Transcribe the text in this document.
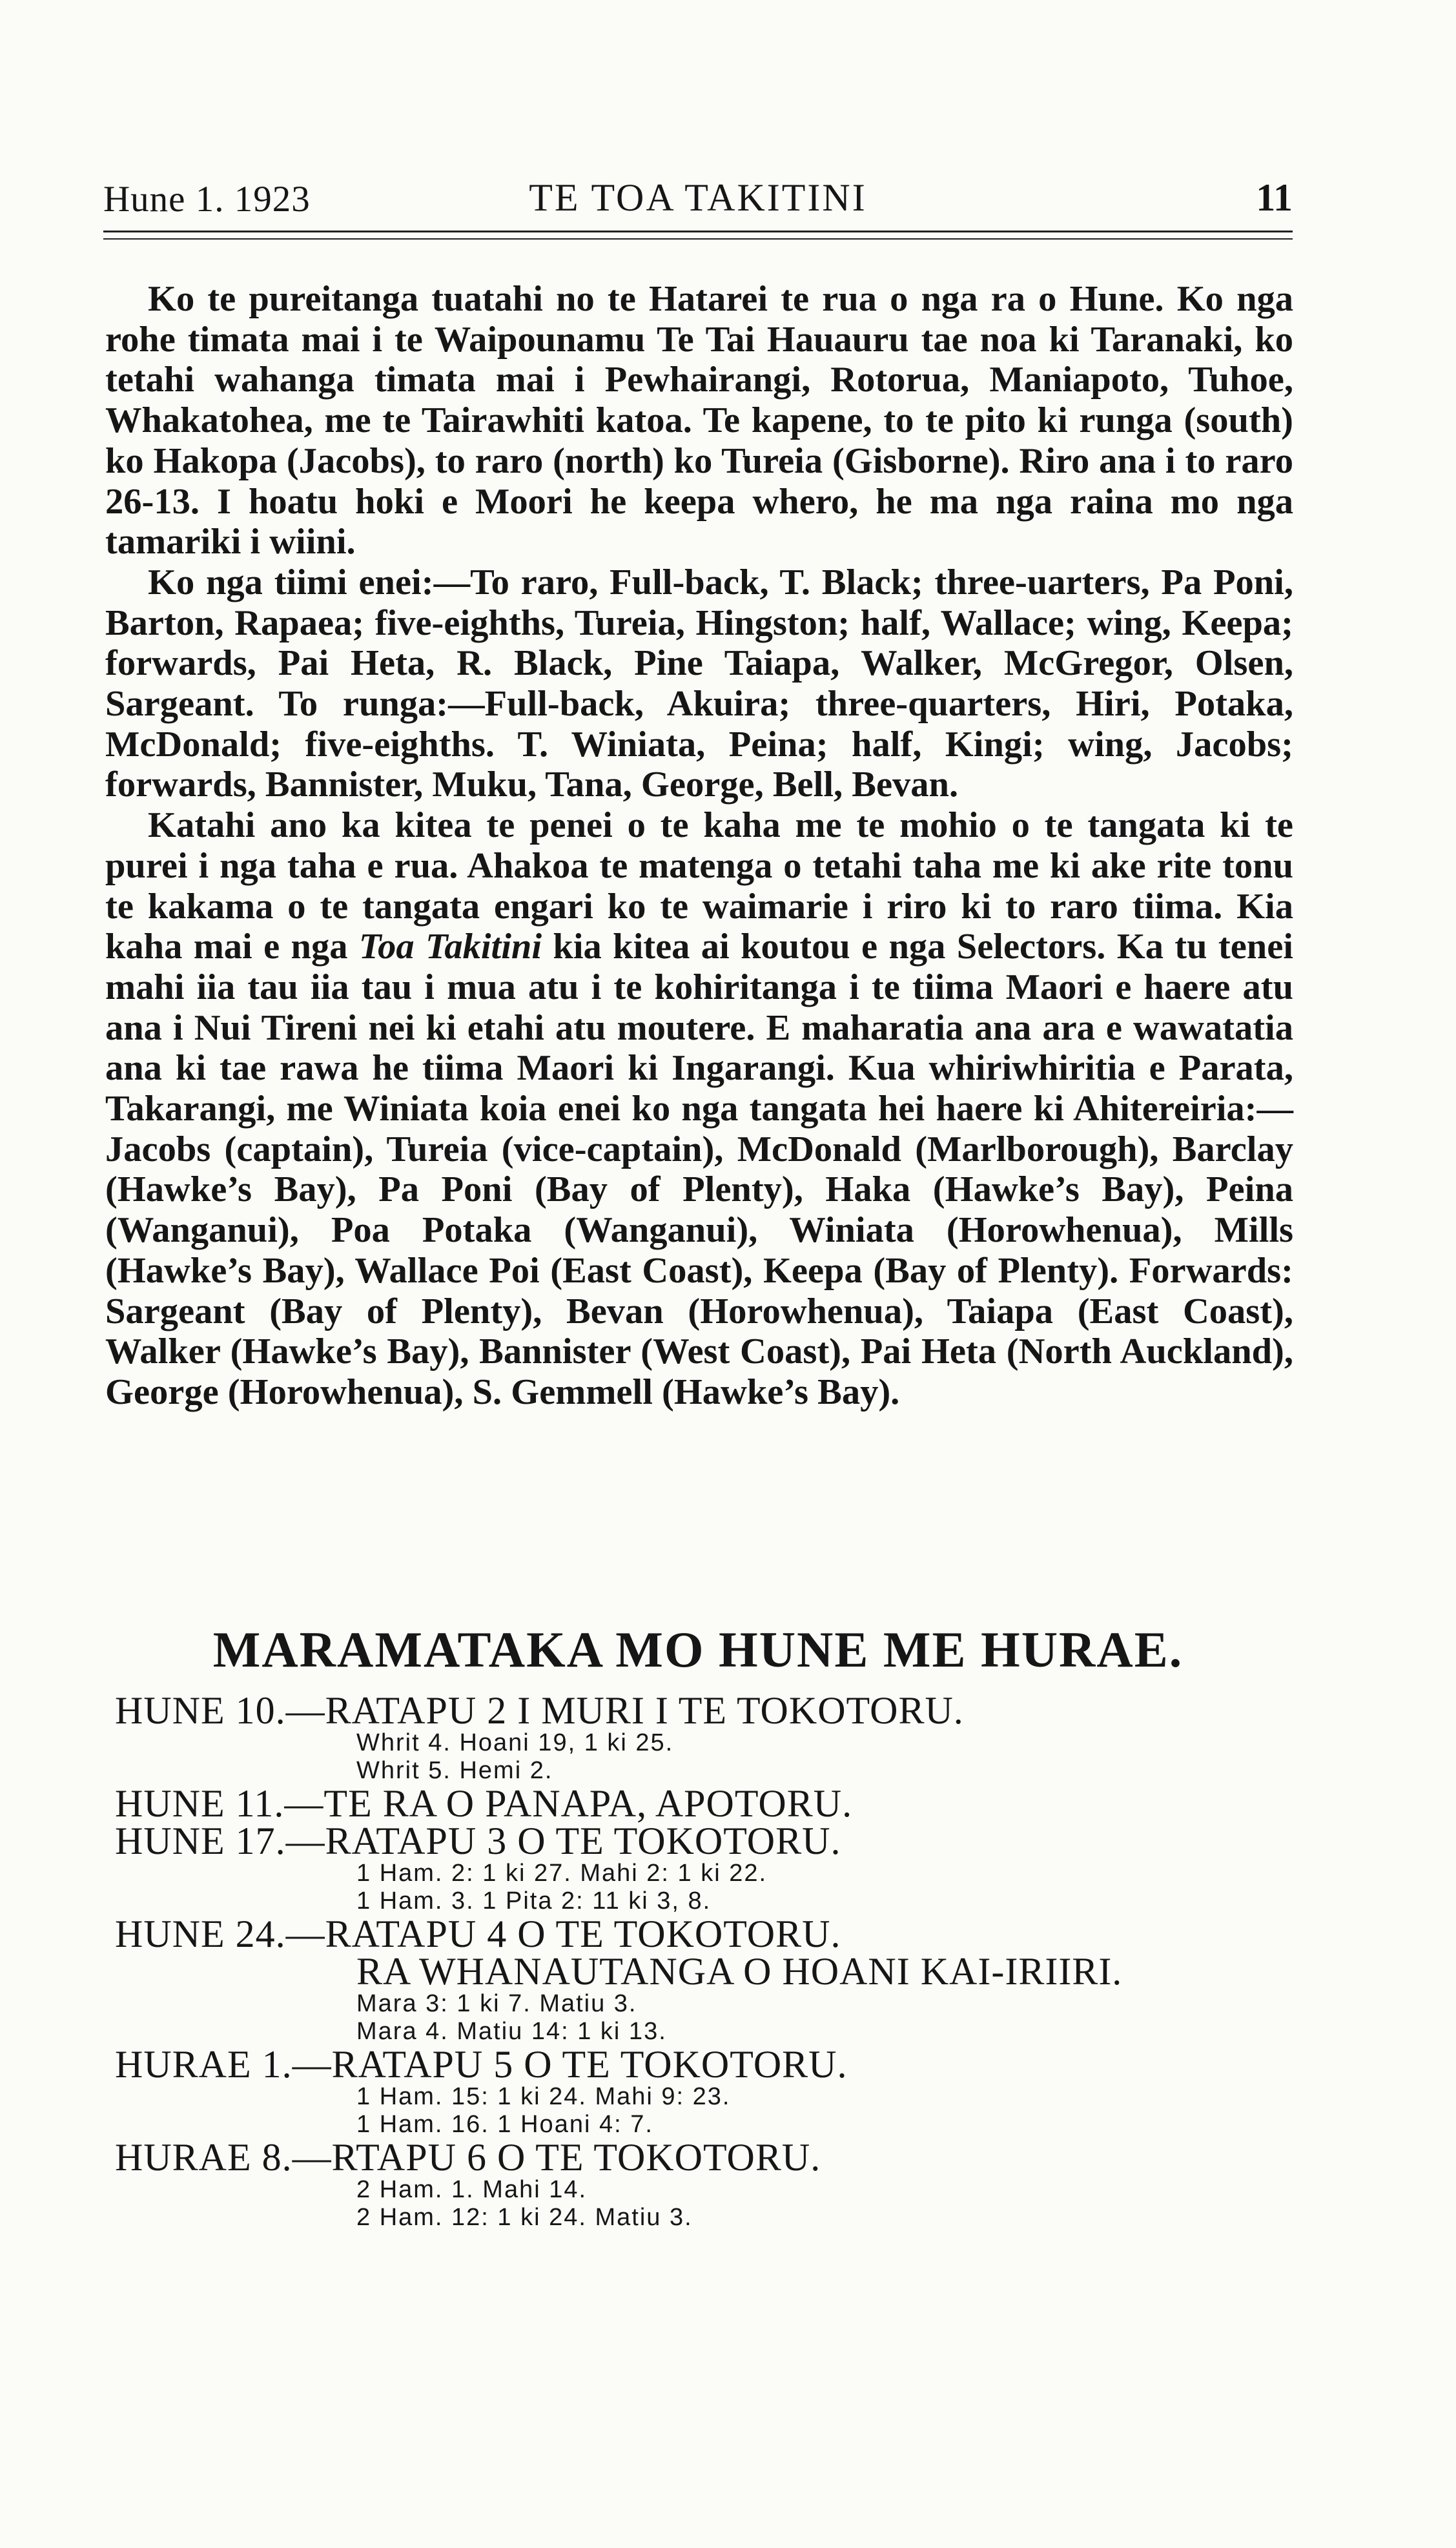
Hune 1. 1923	TE TOA TAKITINI	11

Ko te pureitanga tuatahi no te Hatarei te rua o nga ra o Hune. Ko nga rohe timata mai i te Waipounamu Te Tai Hauauru tae noa ki Taranaki, ko tetahi wahanga timata mai i Pewhairangi, Rotorua, Maniapoto, Tuhoe, Whakatohea, me te Tairawhiti katoa. Te kapene, to te pito ki runga (south) ko Hakopa (Jacobs), to raro (north) ko Tureia (Gisborne). Riro ana i to raro 26-13. I hoatu hoki e Moori he keepa whero, he ma nga raina mo nga tamariki i wiini.

Ko nga tiimi enei:—To raro, Full-back, T. Black; three-uarters, Pa Poni, Barton, Rapaea; five-eighths, Tureia, Hingston; half, Wallace; wing, Keepa; forwards, Pai Heta, R. Black, Pine Taiapa, Walker, McGregor, Olsen, Sargeant. To runga:—Full-back, Akuira; three-quarters, Hiri, Potaka, McDonald; five-eighths. T. Winiata, Peina; half, Kingi; wing, Jacobs; forwards, Bannister, Muku, Tana, George, Bell, Bevan.

Katahi ano ka kitea te penei o te kaha me te mohio o te tangata ki te purei i nga taha e rua. Ahakoa te matenga o tetahi taha me ki ake rite tonu te kakama o te tangata engari ko te waimarie i riro ki to raro tiima. Kia kaha mai e nga Toa Takitini kia kitea ai koutou e nga Selectors. Ka tu tenei mahi iia tau iia tau i mua atu i te kohiritanga i te tiima Maori e haere atu ana i Nui Tireni nei ki etahi atu moutere. E maharatia ana ara e wawatatia ana ki tae rawa he tiima Maori ki Ingarangi. Kua whiriwhiritia e Parata, Takarangi, me Winiata koia enei ko nga tangata hei haere ki Ahitereiria:—Jacobs (captain), Tureia (vice-captain), McDonald (Marlborough), Barclay (Hawke’s Bay), Pa Poni (Bay of Plenty), Haka (Hawke’s Bay), Peina (Wanganui), Poa Potaka (Wanganui), Winiata (Horowhenua), Mills (Hawke’s Bay), Wallace Poi (East Coast), Keepa (Bay of Plenty). Forwards: Sargeant (Bay of Plenty), Bevan (Horowhenua), Taiapa (East Coast), Walker (Hawke’s Bay), Bannister (West Coast), Pai Heta (North Auckland), George (Horowhenua), S. Gemmell (Hawke’s Bay).

MARAMATAKA MO HUNE ME HURAE.
HUNE 10.—RATAPU 2 I MURI I TE TOKOTORU.
Whrit 4. Hoani 19, 1 ki 25.
Whrit 5. Hemi 2.
HUNE 11.—TE RA O PANAPA, APOTORU.
HUNE 17.—RATAPU 3 O TE TOKOTORU.
1 Ham. 2: 1 ki 27. Mahi 2: 1 ki 22.
1 Ham. 3. 1 Pita 2: 11 ki 3, 8.
HUNE 24.—RATAPU 4 O TE TOKOTORU.
RA WHANAUTANGA O HOANI KAI-IRIIRI.
Mara 3: 1 ki 7. Matiu 3.
Mara 4. Matiu 14: 1 ki 13.
HURAE 1.—RATAPU 5 O TE TOKOTORU.
1 Ham. 15: 1 ki 24. Mahi 9: 23.
1 Ham. 16. 1 Hoani 4: 7.
HURAE 8.—RTAPU 6 O TE TOKOTORU.
2 Ham. 1. Mahi 14.
2 Ham. 12: 1 ki 24. Matiu 3.
